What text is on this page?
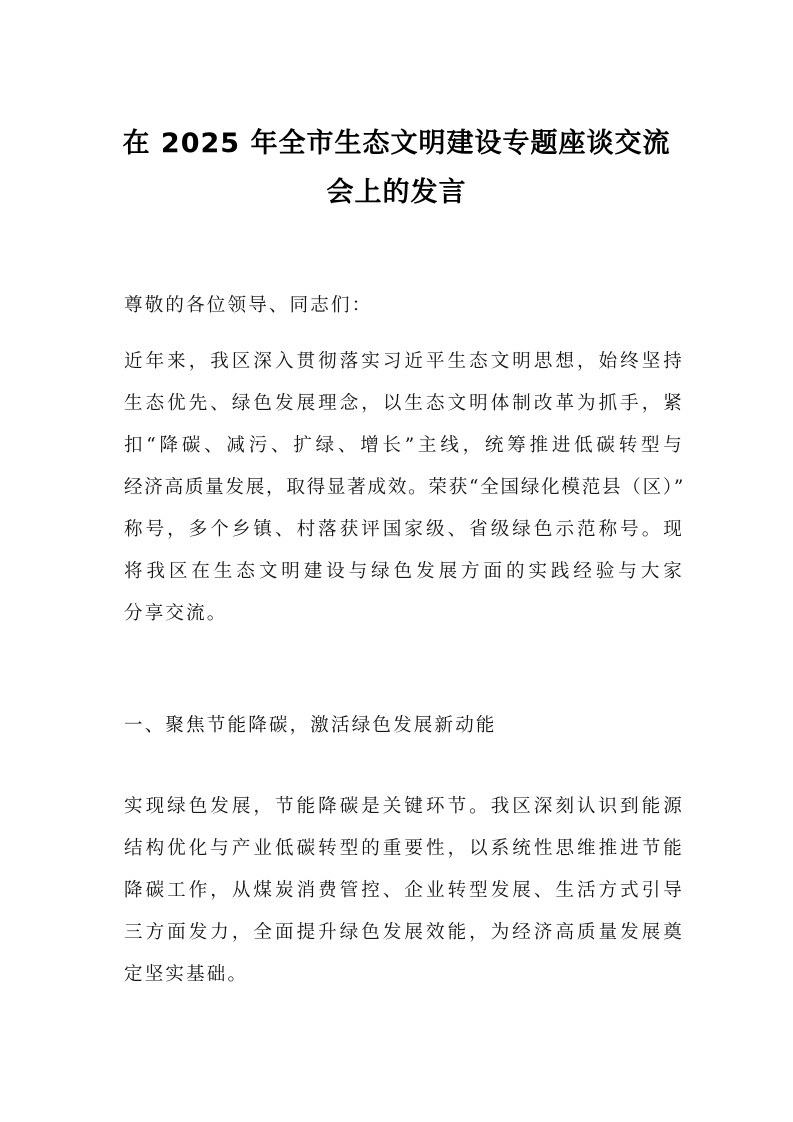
在 2025 年全市生态文明建设专题座谈交流
会上的发言
尊敬的各位领导、同志们：
近年来，我区深入贯彻落实习近平生态文明思想，始终坚持
生态优先、绿色发展理念，以生态文明体制改革为抓手，紧
扣“降碳、减污、扩绿、增长”主线，统筹推进低碳转型与
经济高质量发展，取得显著成效。荣获“全国绿化模范县（区）”
称号，多个乡镇、村落获评国家级、省级绿色示范称号。现
将我区在生态文明建设与绿色发展方面的实践经验与大家
分享交流。
一、聚焦节能降碳，激活绿色发展新动能
实现绿色发展，节能降碳是关键环节。我区深刻认识到能源
结构优化与产业低碳转型的重要性，以系统性思维推进节能
降碳工作，从煤炭消费管控、企业转型发展、生活方式引导
三方面发力，全面提升绿色发展效能，为经济高质量发展奠
定坚实基础。
